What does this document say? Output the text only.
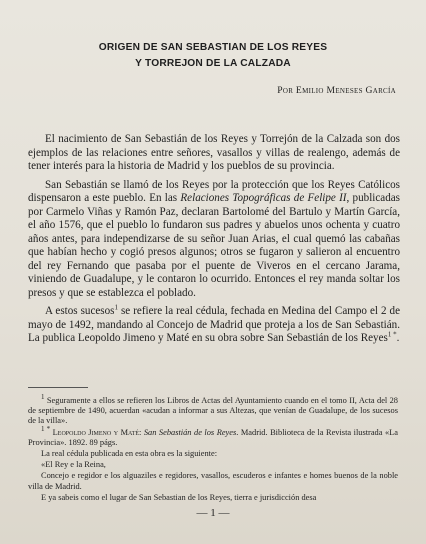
ORIGEN DE SAN SEBASTIAN DE LOS REYES
Y TORREJON DE LA CALZADA
Por Emilio Meneses García

El nacimiento de San Sebastián de los Reyes y Torrejón de la Calzada son dos ejemplos de las relaciones entre señores, vasallos y villas de realengo, además de tener interés para la historia de Madrid y los pueblos de su provincia.

San Sebastián se llamó de los Reyes por la protección que los Reyes Católicos dispensaron a este pueblo. En las Relaciones Topográficas de Felipe II, publicadas por Carmelo Viñas y Ramón Paz, declaran Bartolomé del Bartulo y Martín García, el año 1576, que el pueblo lo fundaron sus padres y abuelos unos ochenta y cuatro años antes, para independizarse de su señor Juan Arias, el cual quemó las cabañas que habían hecho y cogió presos algunos; otros se fugaron y salieron al encuentro del rey Fernando que pasaba por el puente de Viveros en el cercano Jarama, viniendo de Guadalupe, y le contaron lo ocurrido. Entonces el rey manda soltar los presos y que se establezca el poblado.

A estos sucesos$^1$ se refiere la real cédula, fechada en Medina del Campo el 2 de mayo de 1492, mandando al Concejo de Madrid que proteja a los de San Sebastián. La publica Leopoldo Jimeno y Maté en su obra sobre San Sebastián de los Reyes$^{1 *}$.

$^1$ Seguramente a ellos se refieren los Libros de Actas del Ayuntamiento cuando en el tomo II, Acta del 28 de septiembre de 1490, acuerdan «acudan a informar a sus Altezas, que venían de Guadalupe, de los sucesos de la villa».

$^{1 *}$ Leopoldo Jimeno y Maté: San Sebastián de los Reyes. Madrid. Biblioteca de la Revista ilustrada «La Provincia». 1892. 89 págs.

La real cédula publicada en esta obra es la siguiente:

«El Rey e la Reina,

Concejo e regidor e los alguaziles e regidores, vasallos, escuderos e infantes e homes buenos de la noble villa de Madrid.

E ya sabeis como el lugar de San Sebastian de los Reyes, tierra e jurisdicción desa

— 1 —
